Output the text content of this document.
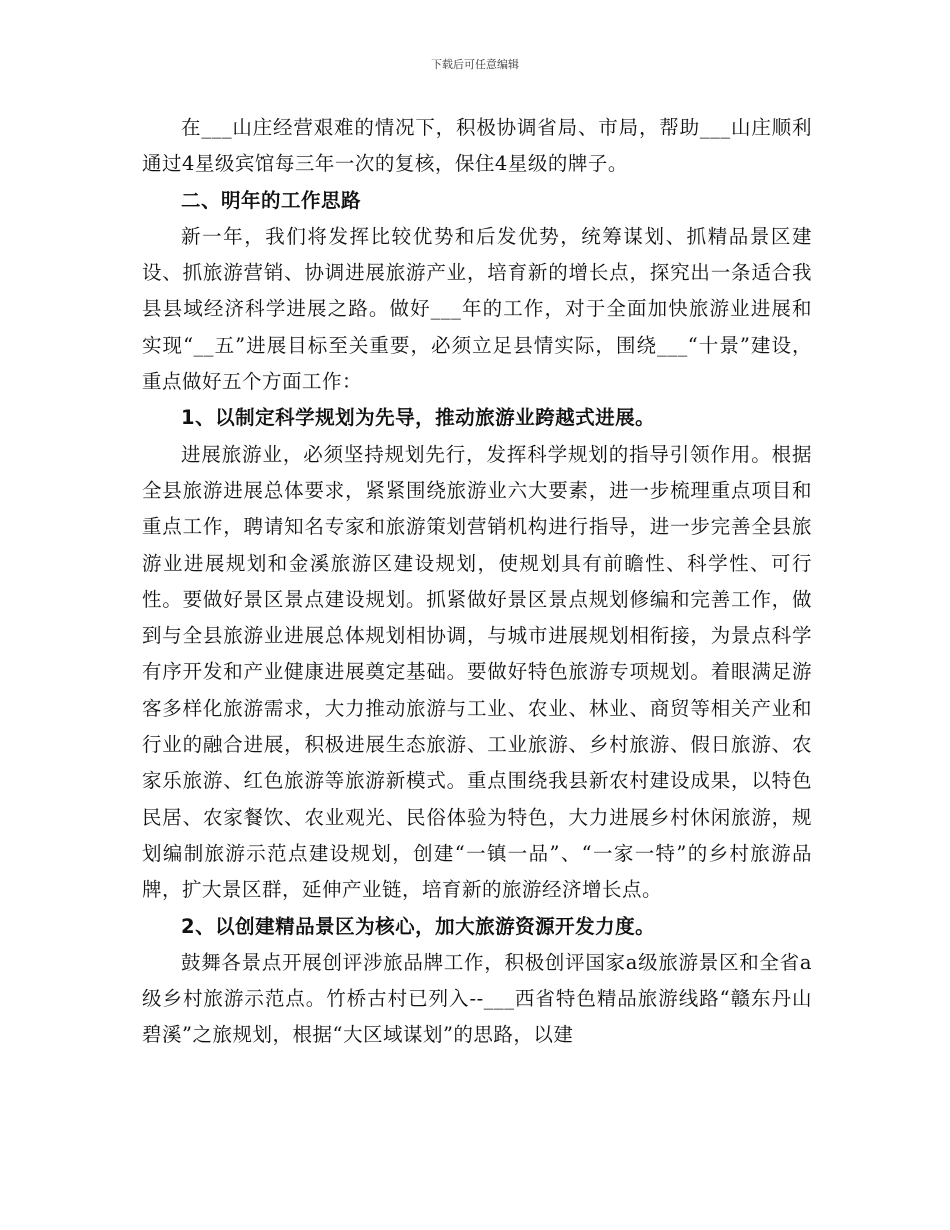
下载后可任意编辑

在___山庄经营艰难的情况下，积极协调省局、市局，帮助___山庄顺利通过4星级宾馆每三年一次的复核，保住4星级的牌子。

二、明年的工作思路

新一年，我们将发挥比较优势和后发优势，统筹谋划、抓精品景区建设、抓旅游营销、协调进展旅游产业，培育新的增长点，探究出一条适合我县县域经济科学进展之路。做好___年的工作，对于全面加快旅游业进展和实现“__五”进展目标至关重要，必须立足县情实际，围绕___“十景”建设，重点做好五个方面工作：

1、以制定科学规划为先导，推动旅游业跨越式进展。

进展旅游业，必须坚持规划先行，发挥科学规划的指导引领作用。根据全县旅游进展总体要求，紧紧围绕旅游业六大要素，进一步梳理重点项目和重点工作，聘请知名专家和旅游策划营销机构进行指导，进一步完善全县旅游业进展规划和金溪旅游区建设规划，使规划具有前瞻性、科学性、可行性。要做好景区景点建设规划。抓紧做好景区景点规划修编和完善工作，做到与全县旅游业进展总体规划相协调，与城市进展规划相衔接，为景点科学有序开发和产业健康进展奠定基础。要做好特色旅游专项规划。着眼满足游客多样化旅游需求，大力推动旅游与工业、农业、林业、商贸等相关产业和行业的融合进展，积极进展生态旅游、工业旅游、乡村旅游、假日旅游、农家乐旅游、红色旅游等旅游新模式。重点围绕我县新农村建设成果，以特色民居、农家餐饮、农业观光、民俗体验为特色，大力进展乡村休闲旅游，规划编制旅游示范点建设规划，创建“一镇一品”、“一家一特”的乡村旅游品牌，扩大景区群，延伸产业链，培育新的旅游经济增长点。

2、以创建精品景区为核心，加大旅游资源开发力度。

鼓舞各景点开展创评涉旅品牌工作，积极创评国家a级旅游景区和全省a级乡村旅游示范点。竹桥古村已列入--___西省特色精品旅游线路“赣东丹山碧溪”之旅规划，根据“大区域谋划”的思路，以建
